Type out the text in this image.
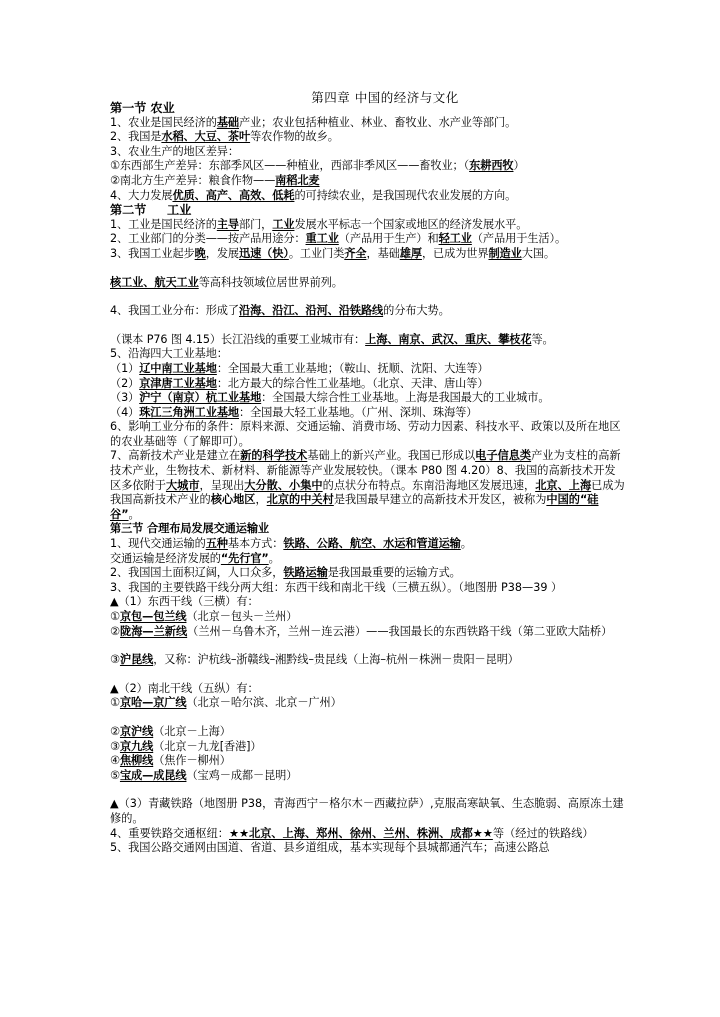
第四章 中国的经济与文化
第一节 农业
1、农业是国民经济的基础产业；农业包括种植业、林业、畜牧业、水产业等部门。
2、我国是水稻、大豆、茶叶等农作物的故乡。
3、农业生产的地区差异：
①东西部生产差异：东部季风区——种植业，西部非季风区——畜牧业；（东耕西牧）
②南北方生产差异：粮食作物——南稻北麦
4、大力发展优质、高产、高效、低耗的可持续农业，是我国现代农业发展的方向。
第二节     工业
1、工业是国民经济的主导部门，工业发展水平标志一个国家或地区的经济发展水平。
2、工业部门的分类——按产品用途分：重工业（产品用于生产）和轻工业（产品用于生活）。
3、我国工业起步晚，发展迅速（快）。工业门类齐全，基础雄厚，已成为世界制造业大国。
核工业、航天工业等高科技领域位居世界前列。
4、我国工业分布：形成了沿海、沿江、沿河、沿铁路线的分布大势。
（课本 P76 图 4.15）长江沿线的重要工业城市有：上海、南京、武汉、重庆、攀枝花等。
5、沿海四大工业基地：
（1）辽中南工业基地：全国最大重工业基地；（鞍山、抚顺、沈阳、大连等）
（2）京津唐工业基地：北方最大的综合性工业基地。（北京、天津、唐山等）
（3）沪宁（南京）杭工业基地：全国最大综合性工业基地。上海是我国最大的工业城市。
（4）珠江三角洲工业基地：全国最大轻工业基地。（广州、深圳、珠海等）
6、影响工业分布的条件：原料来源、交通运输、消费市场、劳动力因素、科技水平、政策以及所在地区的农业基础等（了解即可）。
7、高新技术产业是建立在新的科学技术基础上的新兴产业。我国已形成以电子信息类产业为支柱的高新技术产业，生物技术、新材料、新能源等产业发展较快。（课本 P80 图 4.20）8、我国的高新技术开发区多依附于大城市，呈现出大分散、小集中的点状分布特点。东南沿海地区发展迅速，北京、上海已成为我国高新技术产业的核心地区，北京的中关村是我国最早建立的高新技术开发区，被称为中国的“硅谷”。
第三节 合理布局发展交通运输业
1、现代交通运输的五种基本方式：铁路、公路、航空、水运和管道运输。
交通运输是经济发展的“先行官”。
2、我国国土面积辽阔，人口众多，铁路运输是我国最重要的运输方式。
3、我国的主要铁路干线分两大组：东西干线和南北干线（三横五纵）。（地图册 P38—39 ）
▲（1）东西干线（三横）有：
①京包—包兰线（北京－包头－兰州）
②陇海—兰新线（兰州－乌鲁木齐，兰州－连云港）——我国最长的东西铁路干线（第二亚欧大陆桥）
③沪昆线，又称：沪杭线–浙赣线–湘黔线–贵昆线（上海–杭州－株洲－贵阳－昆明）
▲（2）南北干线（五纵）有：
①京哈—京广线（北京－哈尔滨、北京－广州）
②京沪线（北京－上海）
③京九线（北京－九龙[香港]）
④焦柳线（焦作－柳州）
⑤宝成—成昆线（宝鸡－成都－昆明）
▲（3）青藏铁路（地图册 P38，青海西宁－格尔木－西藏拉萨）,克服高寒缺氧、生态脆弱、高原冻土建修的。
4、重要铁路交通枢纽：★★北京、上海、郑州、徐州、兰州、株洲、成都★★等（经过的铁路线）
5、我国公路交通网由国道、省道、县乡道组成，基本实现每个县城都通汽车；高速公路总
